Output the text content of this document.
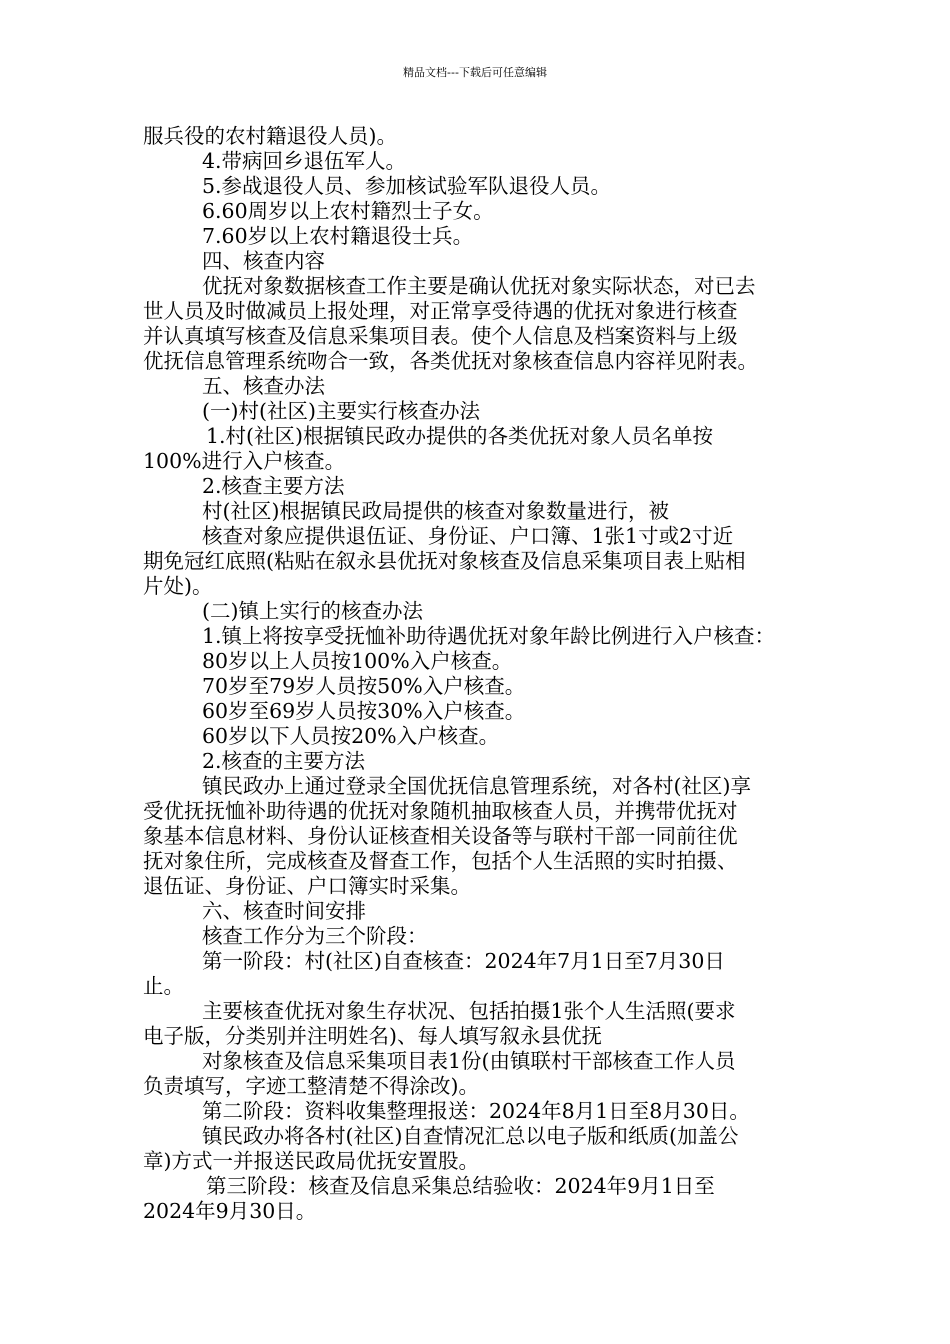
精品文档---下载后可任意编辑
服兵役的农村籍退役人员)。
4.带病回乡退伍军人。
5.参战退役人员、参加核试验军队退役人员。
6.60周岁以上农村籍烈士子女。
7.60岁以上农村籍退役士兵。
四、核查内容
优抚对象数据核查工作主要是确认优抚对象实际状态，对已去
世人员及时做减员上报处理，对正常享受待遇的优抚对象进行核查
并认真填写核查及信息采集项目表。使个人信息及档案资料与上级
优抚信息管理系统吻合一致，各类优抚对象核查信息内容祥见附表。
五、核查办法
(一)村(社区)主要实行核查办法
1.村(社区)根据镇民政办提供的各类优抚对象人员名单按
100%进行入户核查。
2.核查主要方法
村(社区)根据镇民政局提供的核查对象数量进行，被
核查对象应提供退伍证、身份证、户口簿、1张1寸或2寸近
期免冠红底照(粘贴在叙永县优抚对象核查及信息采集项目表上贴相
片处)。
(二)镇上实行的核查办法
1.镇上将按享受抚恤补助待遇优抚对象年龄比例进行入户核查：
80岁以上人员按100%入户核查。
70岁至79岁人员按50%入户核查。
60岁至69岁人员按30%入户核查。
60岁以下人员按20%入户核查。
2.核查的主要方法
镇民政办上通过登录全国优抚信息管理系统，对各村(社区)享
受优抚抚恤补助待遇的优抚对象随机抽取核查人员，并携带优抚对
象基本信息材料、身份认证核查相关设备等与联村干部一同前往优
抚对象住所，完成核查及督查工作，包括个人生活照的实时拍摄、
退伍证、身份证、户口簿实时采集。
六、核查时间安排
核查工作分为三个阶段：
第一阶段：村(社区)自查核查：2024年7月1日至7月30日
止。
主要核查优抚对象生存状况、包括拍摄1张个人生活照(要求
电子版，分类别并注明姓名)、每人填写叙永县优抚
对象核查及信息采集项目表1份(由镇联村干部核查工作人员
负责填写，字迹工整清楚不得涂改)。
第二阶段：资料收集整理报送：2024年8月1日至8月30日。
镇民政办将各村(社区)自查情况汇总以电子版和纸质(加盖公
章)方式一并报送民政局优抚安置股。
第三阶段：核查及信息采集总结验收：2024年9月1日至
2024年9月30日。
